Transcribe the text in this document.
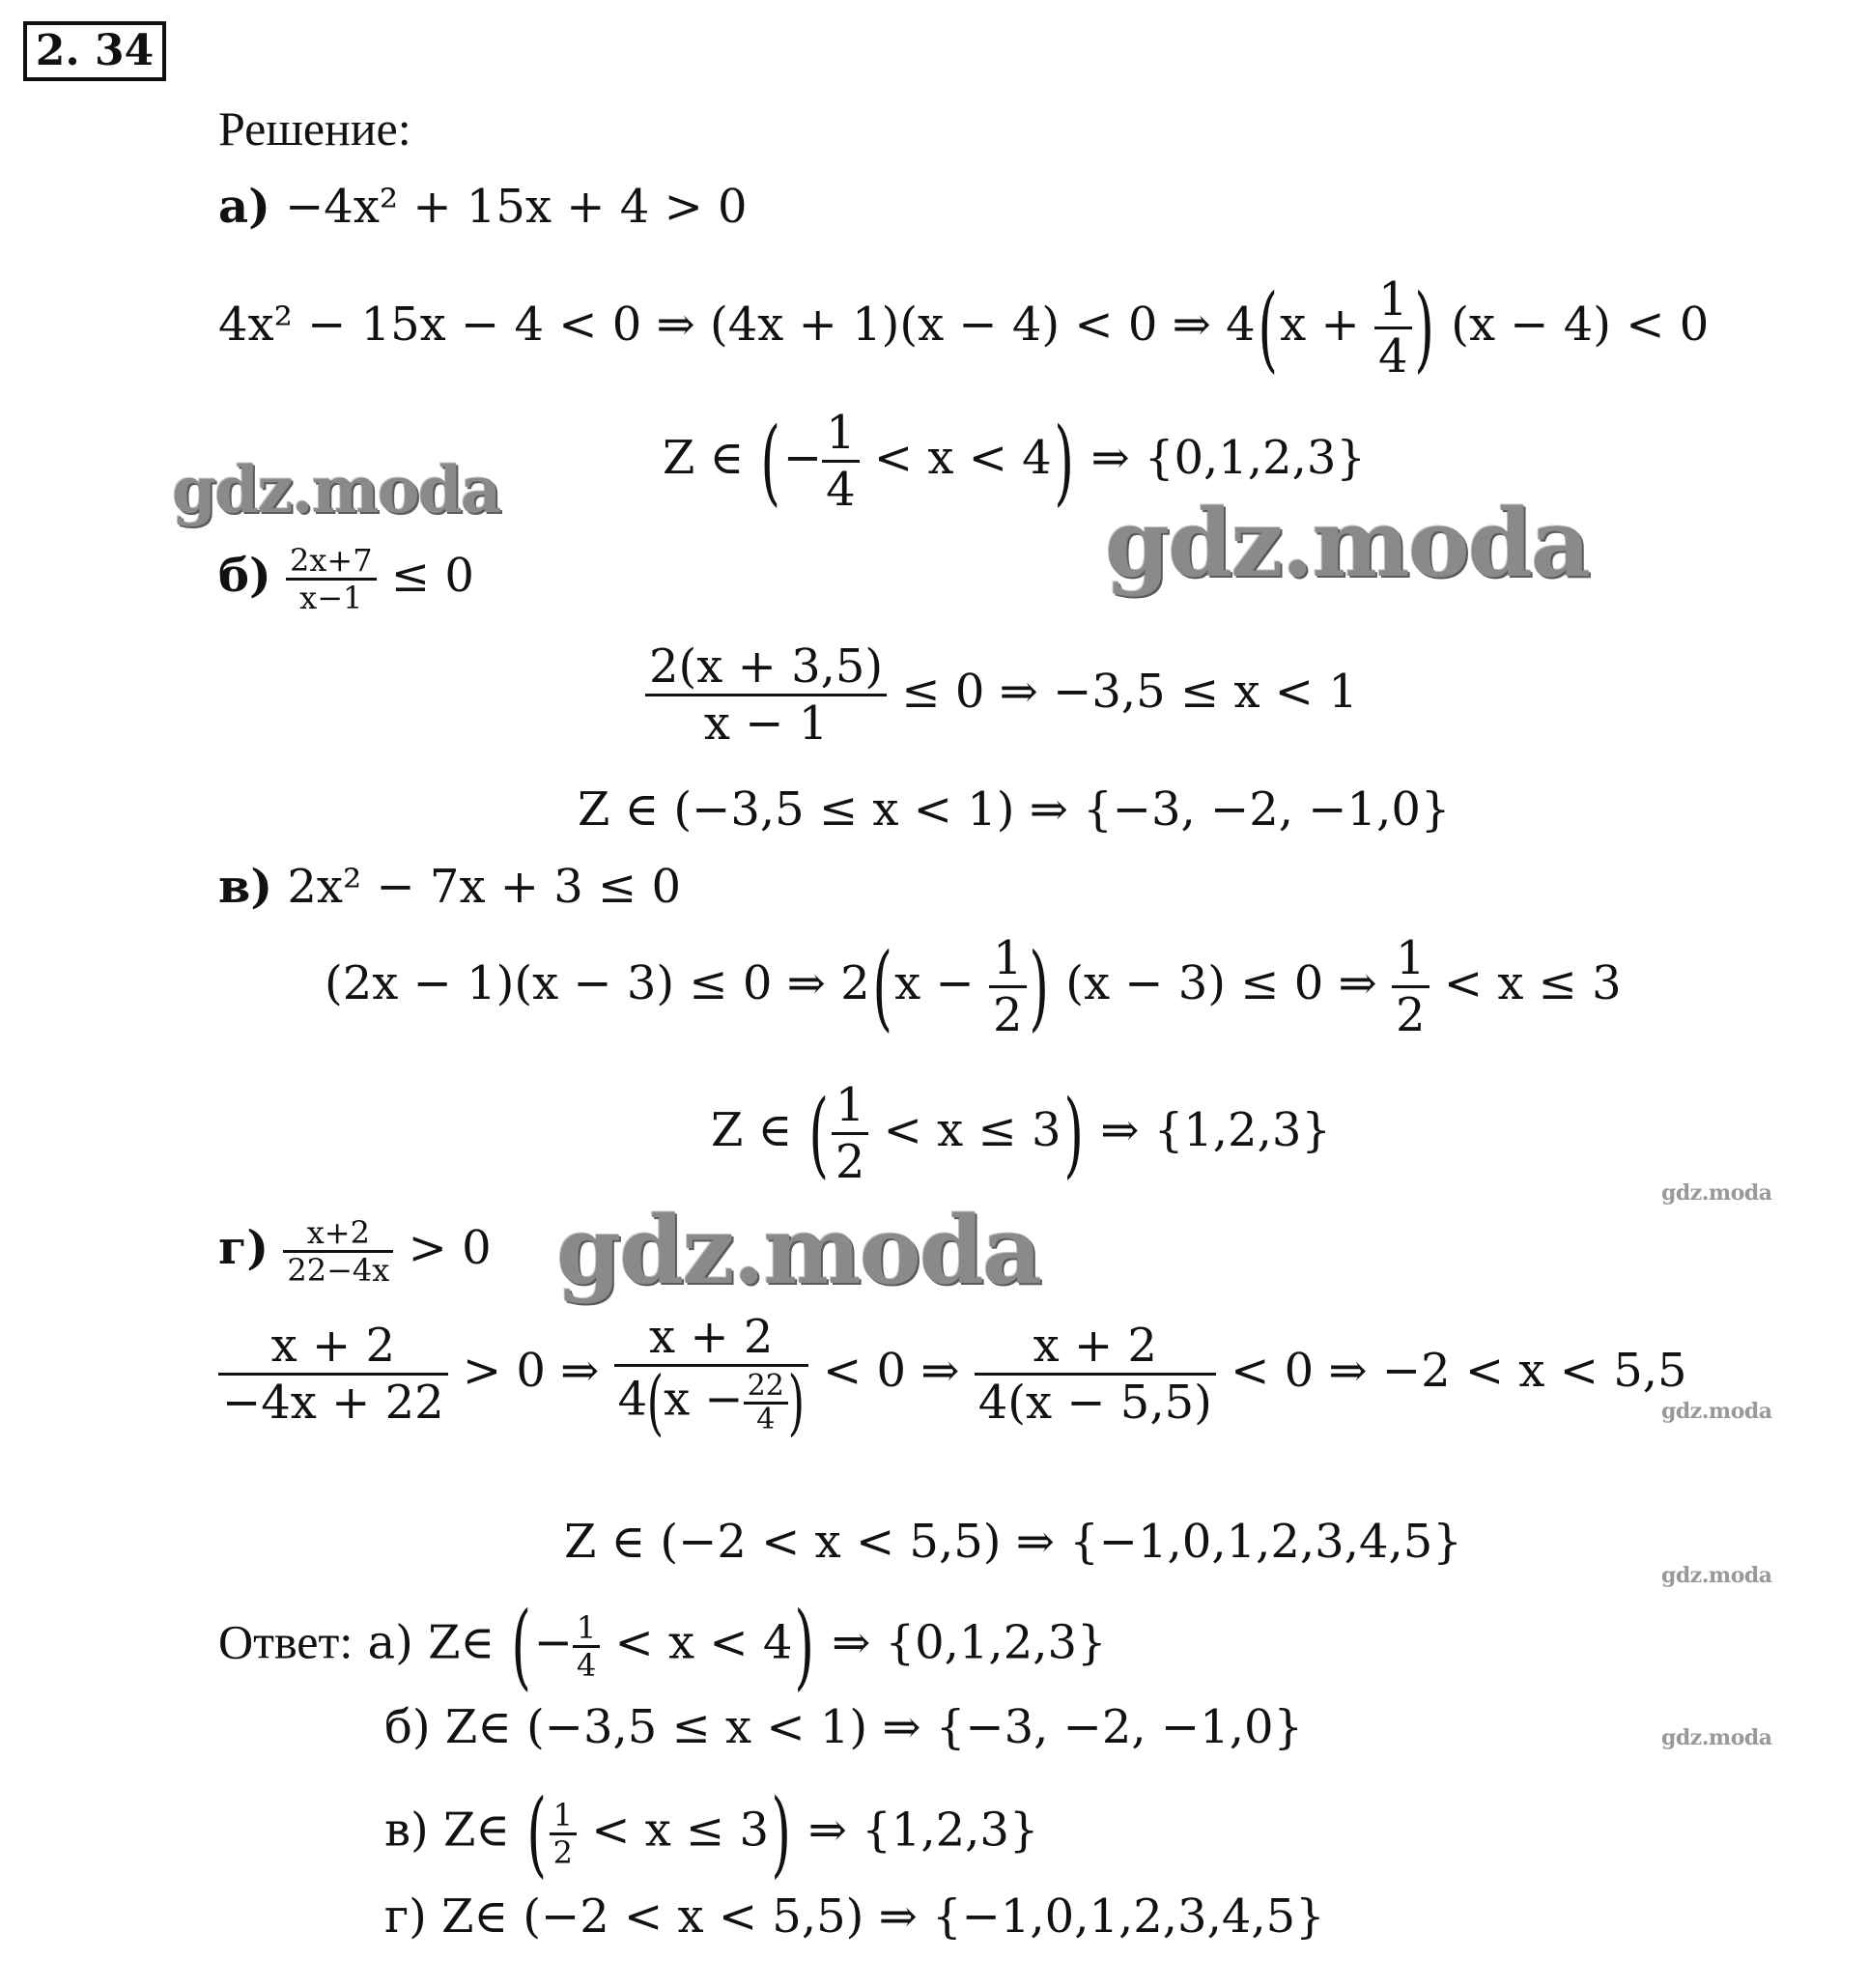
2. 34
Решение:
а) −4x² + 15x + 4 > 0
4x² − 15x − 4 < 0 ⇒ (4x + 1)(x − 4) < 0 ⇒ $4(x + \frac{1}{4}$ ) (x − 4) < 0
Z ∈ (− $\frac{1}{4} < x < 4$) ⇒ {0,1,2,3}
$б) \frac{2x+7}{x-1} \le 0$
$\frac{2(x + 3,5)}{x - 1} \le 0$ ⇒ −3,5 ≤ x < 1
Z ∈ (−3,5 ≤ x < 1) ⇒ {−3, −2, −1,0}
в) 2x² − 7x + 3 ≤ 0
(2x − 1)(x − 3) ≤ 0 ⇒ $2(x - \frac{1}{2}$ ) (x − 3) ≤ 0 ⇒ $\frac{1}{2} < x \le 3$
Z ∈ ( $\frac{1}{2} < x \le 3$) ⇒ {1,2,3}
$г) \frac{x+2}{22-4x} > 0$
$\frac{x + 2}{-4x + 22} > 0$ ⇒ $\frac{x + 2}{4(x - \frac{22}{4} )} < 0$ ⇒ $\frac{x + 2}{4(x - 5,5)} < 0$ ⇒ −2 < x < 5,5
Z ∈ (−2 < x < 5,5) ⇒ {−1,0,1,2,3,4,5}
Ответ: а) Z∈ (− $\frac{1}{4} < x < 4$) ⇒ {0,1,2,3}
б) Z∈ (−3,5 ≤ x < 1) ⇒ {−3, −2, −1,0}
в) Z∈ ( $\frac{1}{2} < x \le 3$) ⇒ {1,2,3}
г) Z∈ (−2 < x < 5,5) ⇒ {−1,0,1,2,3,4,5}
gdz.moda	gdz.moda
gdz.moda
gdz.moda
gdz.moda
gdz.moda
gdz.moda
